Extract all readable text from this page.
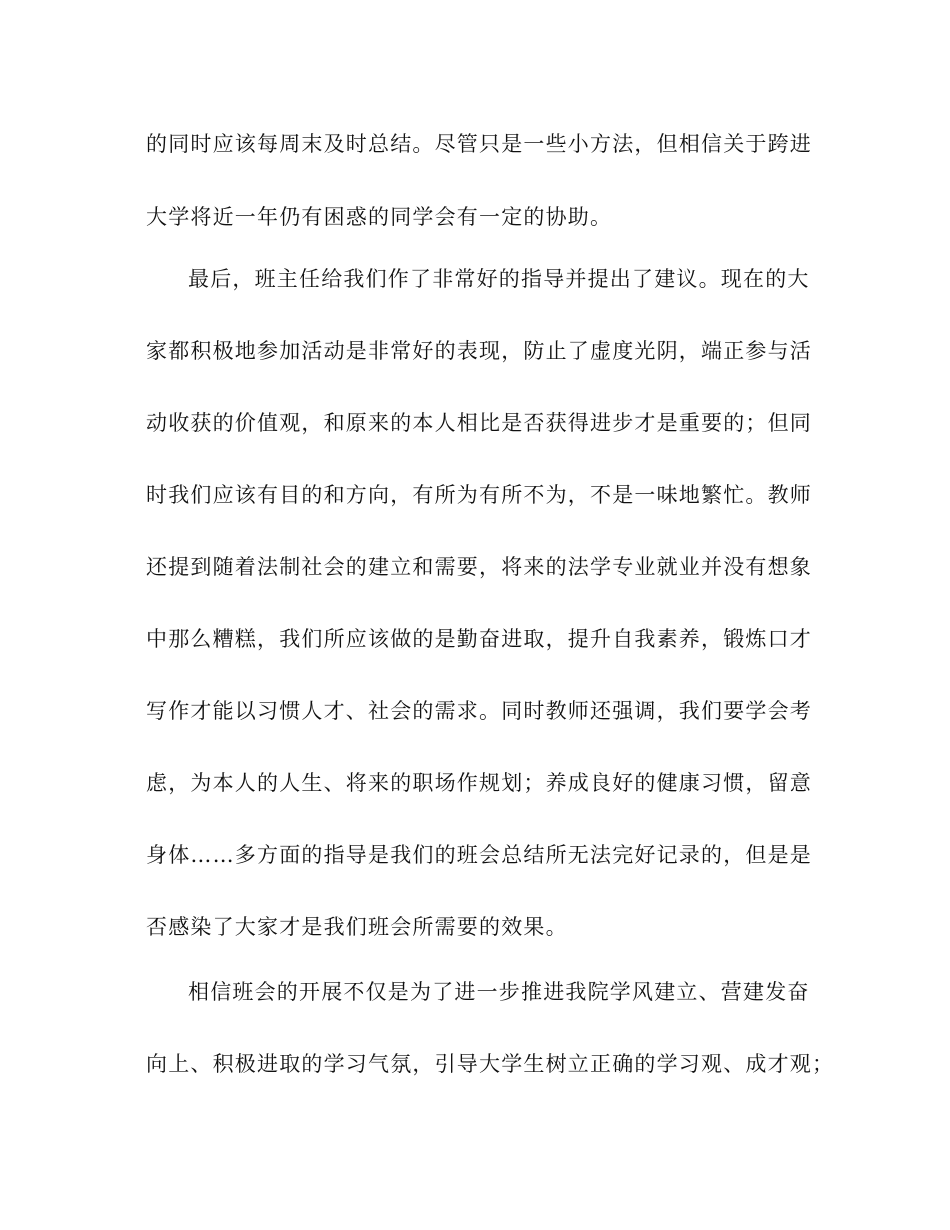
的同时应该每周末及时总结。尽管只是一些小方法，但相信关于跨进
大学将近一年仍有困惑的同学会有一定的协助。
最后，班主任给我们作了非常好的指导并提出了建议。现在的大
家都积极地参加活动是非常好的表现，防止了虚度光阴，端正参与活
动收获的价值观，和原来的本人相比是否获得进步才是重要的；但同
时我们应该有目的和方向，有所为有所不为，不是一味地繁忙。教师
还提到随着法制社会的建立和需要，将来的法学专业就业并没有想象
中那么糟糕，我们所应该做的是勤奋进取，提升自我素养，锻炼口才
写作才能以习惯人才、社会的需求。同时教师还强调，我们要学会考
虑，为本人的人生、将来的职场作规划；养成良好的健康习惯，留意
身体……多方面的指导是我们的班会总结所无法完好记录的，但是是
否感染了大家才是我们班会所需要的效果。
相信班会的开展不仅是为了进一步推进我院学风建立、营建发奋
向上、积极进取的学习气氛，引导大学生树立正确的学习观、成才观；
